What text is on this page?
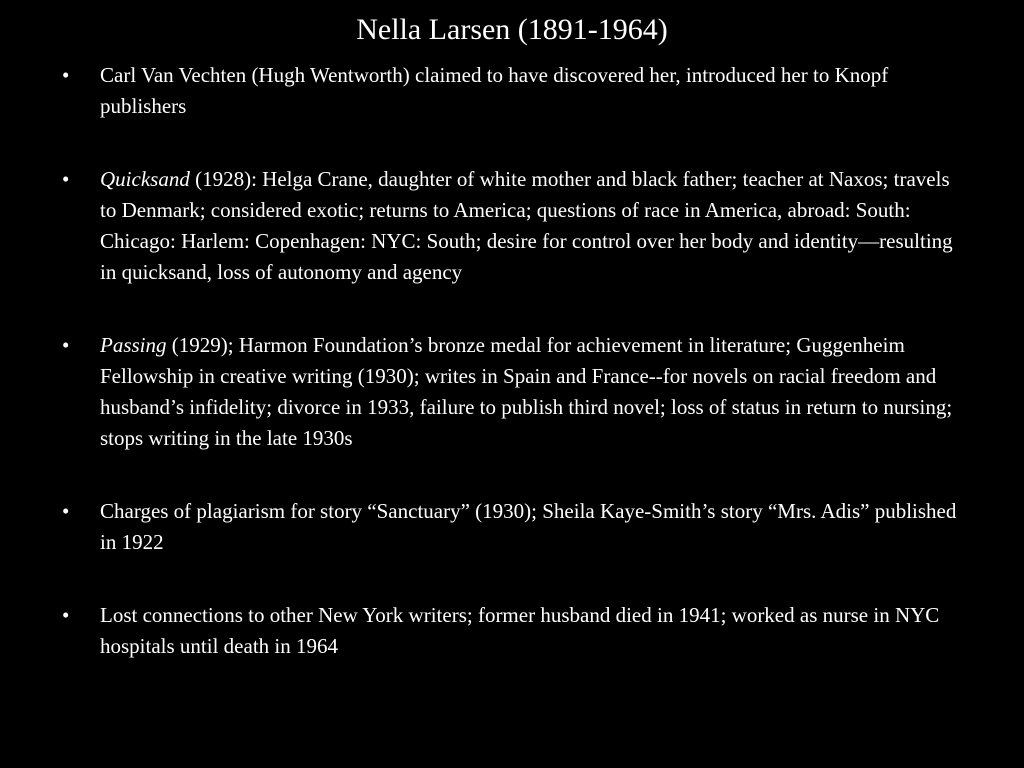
Nella Larsen (1891-1964)
• Carl Van Vechten (Hugh Wentworth) claimed to have discovered her, introduced her to Knopf publishers
• Quicksand (1928): Helga Crane, daughter of white mother and black father; teacher at Naxos; travels to Denmark; considered exotic; returns to America; questions of race in America, abroad: South: Chicago: Harlem: Copenhagen: NYC: South; desire for control over her body and identity—resulting in quicksand, loss of autonomy and agency
• Passing (1929); Harmon Foundation’s bronze medal for achievement in literature; Guggenheim Fellowship in creative writing (1930); writes in Spain and France--for novels on racial freedom and husband’s infidelity; divorce in 1933, failure to publish third novel; loss of status in return to nursing; stops writing in the late 1930s
• Charges of plagiarism for story “Sanctuary” (1930); Sheila Kaye-Smith’s story “Mrs. Adis” published in 1922
• Lost connections to other New York writers; former husband died in 1941; worked as nurse in NYC hospitals until death in 1964
